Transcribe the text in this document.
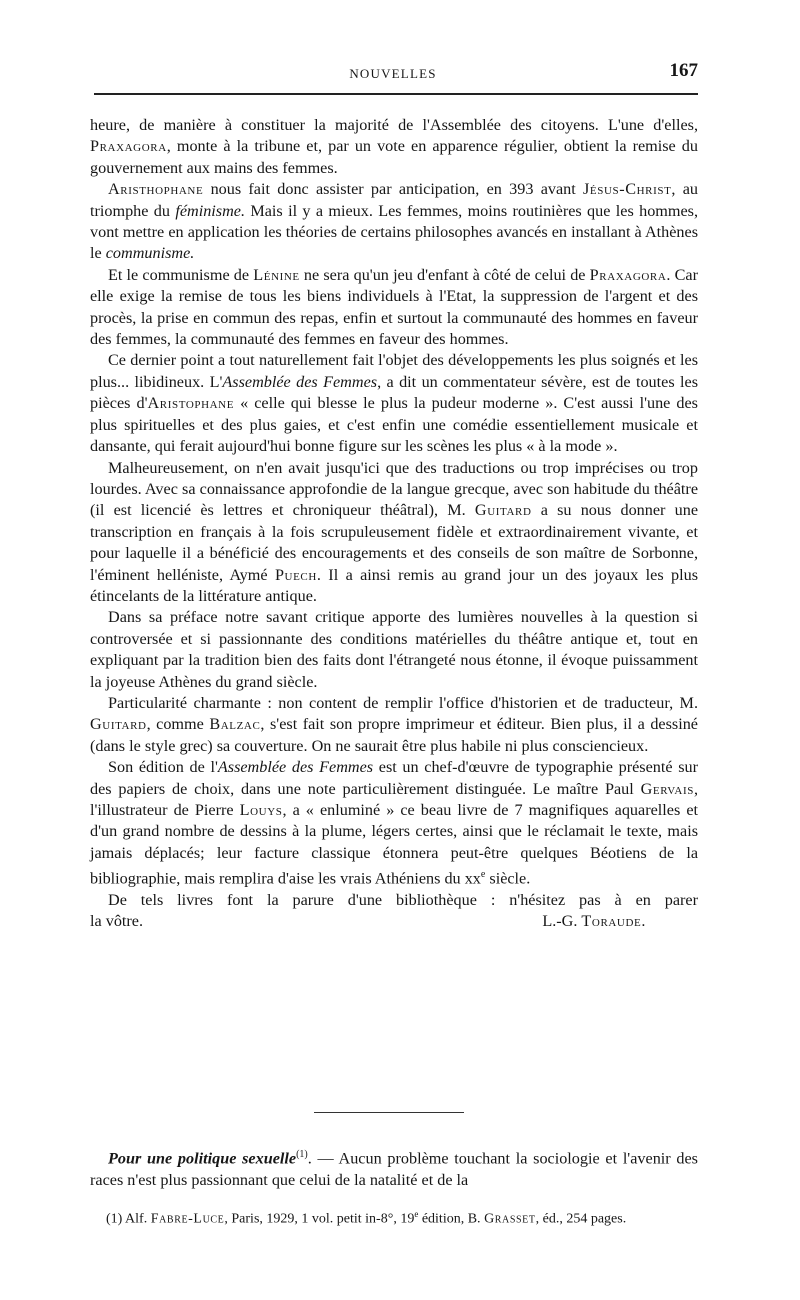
NOUVELLES	167

heure, de manière à constituer la majorité de l'Assemblée des citoyens. L'une d'elles, Praxagora, monte à la tribune et, par un vote en apparence régulier, obtient la remise du gouvernement aux mains des femmes.

Aristhophane nous fait donc assister par anticipation, en 393 avant Jésus-Christ, au triomphe du féminisme. Mais il y a mieux. Les femmes, moins routinières que les hommes, vont mettre en application les théories de certains philosophes avancés en installant à Athènes le communisme.

Et le communisme de Lénine ne sera qu'un jeu d'enfant à côté de celui de Praxagora. Car elle exige la remise de tous les biens individuels à l'Etat, la suppression de l'argent et des procès, la prise en commun des repas, enfin et surtout la communauté des hommes en faveur des femmes, la communauté des femmes en faveur des hommes.

Ce dernier point a tout naturellement fait l'objet des développements les plus soignés et les plus... libidineux. L'Assemblée des Femmes, a dit un commentateur sévère, est de toutes les pièces d'Aristophane « celle qui blesse le plus la pudeur moderne ». C'est aussi l'une des plus spirituelles et des plus gaies, et c'est enfin une comédie essentiellement musicale et dansante, qui ferait aujourd'hui bonne figure sur les scènes les plus « à la mode ».

Malheureusement, on n'en avait jusqu'ici que des traductions ou trop imprécises ou trop lourdes. Avec sa connaissance approfondie de la langue grecque, avec son habitude du théâtre (il est licencié ès lettres et chroniqueur théâtral), M. Guitard a su nous donner une transcription en français à la fois scrupuleusement fidèle et extraordinairement vivante, et pour laquelle il a bénéficié des encouragements et des conseils de son maître de Sorbonne, l'éminent helléniste, Aymé Puech. Il a ainsi remis au grand jour un des joyaux les plus étincelants de la littérature antique.

Dans sa préface notre savant critique apporte des lumières nouvelles à la question si controversée et si passionnante des conditions matérielles du théâtre antique et, tout en expliquant par la tradition bien des faits dont l'étrangeté nous étonne, il évoque puissamment la joyeuse Athènes du grand siècle.

Particularité charmante : non content de remplir l'office d'historien et de traducteur, M. Guitard, comme Balzac, s'est fait son propre imprimeur et éditeur. Bien plus, il a dessiné (dans le style grec) sa couverture. On ne saurait être plus habile ni plus consciencieux.

Son édition de l'Assemblée des Femmes est un chef-d'œuvre de typographie présenté sur des papiers de choix, dans une note particulièrement distinguée. Le maître Paul Gervais, l'illustrateur de Pierre Louys, a « enluminé » ce beau livre de 7 magnifiques aquarelles et d'un grand nombre de dessins à la plume, légers certes, ainsi que le réclamait le texte, mais jamais déplacés; leur facture classique étonnera peut-être quelques Béotiens de la bibliographie, mais remplira d'aise les vrais Athéniens du $xx^e$ siècle.

De tels livres font la parure d'une bibliothèque : n'hésitez pas à en parer

la vôtre.	L.-G. Toraude.

Pour une politique sexuelle$^{(1)}$. — Aucun problème touchant la sociologie et l'avenir des races n'est plus passionnant que celui de la natalité et de la

(1) Alf. Fabre-Luce, Paris, 1929, 1 vol. petit in-8°, 19e édition, B. Grasset, éd., 254 pages.
